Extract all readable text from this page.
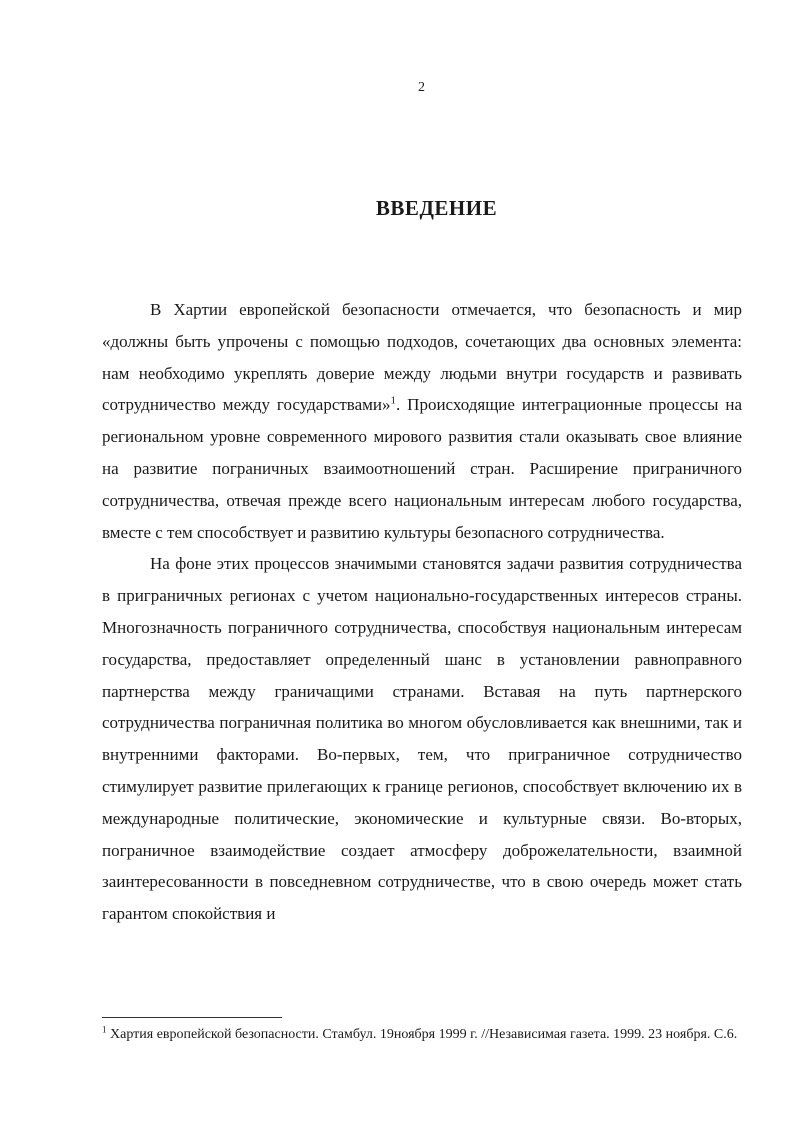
2

ВВЕДЕНИЕ

В Хартии европейской безопасности отмечается, что безопасность и мир «должны быть упрочены с помощью подходов, сочетающих два основных элемента: нам необходимо укреплять доверие между людьми внутри государств и развивать сотрудничество между государствами»$^1$. Происходящие интеграционные процессы на региональном уровне современного мирового развития стали оказывать свое влияние на развитие пограничных взаимоотношений стран. Расширение приграничного сотрудничества, отвечая прежде всего национальным интересам любого государства, вместе с тем способствует и развитию культуры безопасного сотрудничества.

На фоне этих процессов значимыми становятся задачи развития сотрудничества в приграничных регионах с учетом национально-государственных интересов страны. Многозначность пограничного сотрудничества, способствуя национальным интересам государства, предоставляет определенный шанс в установлении равноправного партнерства между граничащими странами. Вставая на путь партнерского сотрудничества пограничная политика во многом обусловливается как внешними, так и внутренними факторами. Во-первых, тем, что приграничное сотрудничество стимулирует развитие прилегающих к границе регионов, способствует включению их в международные политические, экономические и культурные связи. Во-вторых, пограничное взаимодействие создает атмосферу доброжелательности, взаимной заинтересованности в повседневном сотрудничестве, что в свою очередь может стать гарантом спокойствия и

$^1$ Хартия европейской безопасности. Стамбул. 19ноября 1999 г. //Независимая газета. 1999. 23 ноября. С.6.
